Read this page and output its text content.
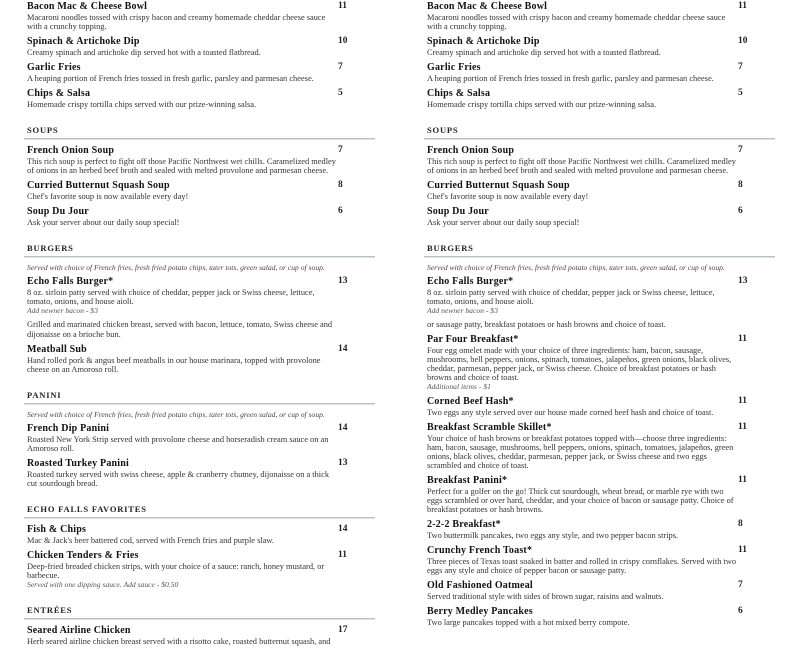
Bacon Mac & Cheese Bowl	11
Macaroni noodles tossed with crispy bacon and creamy homemade cheddar cheese sauce with a crunchy topping.
Spinach & Artichoke Dip	10
Creamy spinach and artichoke dip served hot with a toasted flatbread.
Garlic Fries	7
A heaping portion of French fries tossed in fresh garlic, parsley and parmesan cheese.
Chips & Salsa	5
Homemade crispy tortilla chips served with our prize-winning salsa.
SOUPS
French Onion Soup	7
This rich soup is perfect to fight off those Pacific Northwest wet chills. Caramelized medley of onions in an herbed beef broth and sealed with melted provolone and parmesan cheese.
Curried Butternut Squash Soup	8
Chef's favorite soup is now available every day!
Soup Du Jour	6
Ask your server about our daily soup special!
BURGERS
Served with choice of French fries, fresh fried potato chips, tater tots, green salad, or cup of soup.
Echo Falls Burger*	13
8 oz. sirloin patty served with choice of cheddar, pepper jack or Swiss cheese, lettuce, tomato, onions, and house aioli.
Add newner bacon - $3
Grilled and marinated chicken breast, served with bacon, lettuce, tomato, Swiss cheese and
dijonaisse on a brioche bun.
Meatball Sub	14
Hand rolled pork & angus beef meatballs in our house marinara, topped with provolone cheese on an Amoroso roll.
PANINI
Served with choice of French fries, fresh fried potato chips, tater tots, green salad, or cup of soup.
French Dip Panini	14
Roasted New York Strip served with provolone cheese and horseradish cream sauce on an Amoroso roll.
Roasted Turkey Panini	13
Roasted turkey served with swiss cheese, apple & cranberry chutney, dijonaisse on a thick cut sourdough bread.
ECHO FALLS FAVORITES
Fish & Chips	14
Mac & Jack's beer battered cod, served with French fries and purple slaw.
Chicken Tenders & Fries	11
Deep-fried breaded chicken strips, with your choice of a sauce: ranch, honey mustard, or barbecue.
Served with one dipping sauce. Add sauce - $0.50
ENTRÉES
Seared Airline Chicken	17
Herb seared airline chicken breast served with a risotto cake, roasted butternut squash, and
Bacon Mac & Cheese Bowl	11
Macaroni noodles tossed with crispy bacon and creamy homemade cheddar cheese sauce with a crunchy topping.
Spinach & Artichoke Dip	10
Creamy spinach and artichoke dip served hot with a toasted flatbread.
Garlic Fries	7
A heaping portion of French fries tossed in fresh garlic, parsley and parmesan cheese.
Chips & Salsa	5
Homemade crispy tortilla chips served with our prize-winning salsa.
SOUPS
French Onion Soup	7
This rich soup is perfect to fight off those Pacific Northwest wet chills. Caramelized medley of onions in an herbed beef broth and sealed with melted provolone and parmesan cheese.
Curried Butternut Squash Soup	8
Chef's favorite soup is now available every day!
Soup Du Jour	6
Ask your server about our daily soup special!
BURGERS
Served with choice of French fries, fresh fried potato chips, tater tots, green salad, or cup of soup.
Echo Falls Burger*	13
8 oz. sirloin patty served with choice of cheddar, pepper jack or Swiss cheese, lettuce, tomato, onions, and house aioli.
Add newner bacon - $3
or sausage patty, breakfast potatoes or hash browns and choice of toast.
Par Four Breakfast*	11
Four egg omelet made with your choice of three ingredients: ham, bacon, sausage, mushrooms, bell peppers, onions, spinach, tomatoes, jalapeños, green onions, black olives, cheddar, parmesan, pepper jack, or Swiss cheese. Choice of breakfast potatoes or hash browns and choice of toast.
Additional items - $1
Corned Beef Hash*	11
Two eggs any style served over our house made corned beef hash and choice of toast.
Breakfast Scramble Skillet*	11
Your choice of hash browns or breakfast potatoes topped with—choose three ingredients: ham, bacon, sausage, mushrooms, bell peppers, onions, spinach, tomatoes, jalapeños, green onions, black olives, cheddar, parmesan, pepper jack, or Swiss cheese and two eggs scrambled and choice of toast.
Breakfast Panini*	11
Perfect for a golfer on the go! Thick cut sourdough, wheat bread, or marble rye with two eggs scrambled or over hard, cheddar, and your choice of bacon or sausage patty. Choice of breakfast potatoes or hash browns.
2-2-2 Breakfast*	8
Two buttermilk pancakes, two eggs any style, and two pepper bacon strips.
Crunchy French Toast*	11
Three pieces of Texas toast soaked in batter and rolled in crispy cornflakes. Served with two eggs any style and choice of pepper bacon or sausage patty.
Old Fashioned Oatmeal	7
Served traditional style with sides of brown sugar, raisins and walnuts.
Berry Medley Pancakes	6
Two large pancakes topped with a hot mixed berry compote.
